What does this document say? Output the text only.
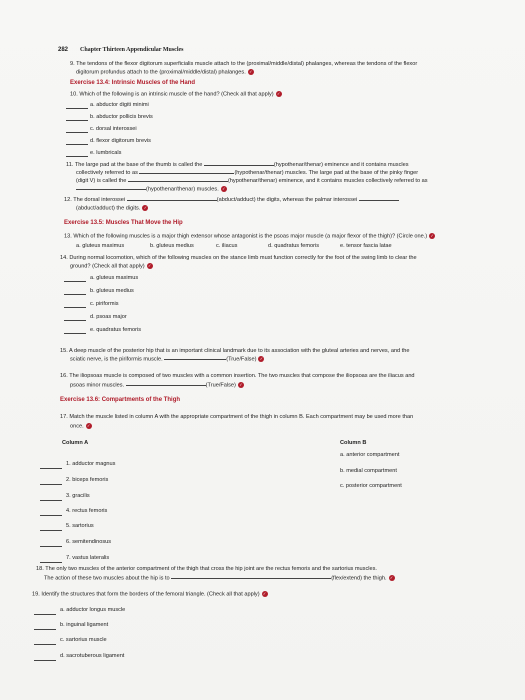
282 Chapter Thirteen Appendicular Muscles
9. The tendons of the flexor digitorum superficialis muscle attach to the (proximal/middle/distal) phalanges, whereas the tendons of the flexor
digitorum profundus attach to the (proximal/middle/distal) phalanges. ✓
Exercise 13.4: Intrinsic Muscles of the Hand
10. Which of the following is an intrinsic muscle of the hand? (Check all that apply) ✓
a. abductor digiti minimi
b. abductor pollicis brevis
c. dorsal interossei
d. flexor digitorum brevis
e. lumbricals
11. The large pad at the base of the thumb is called the	(hypothenar/thenar) eminence and it contains muscles
collectively referred to as	(hypothenar/thenar) muscles. The large pad at the base of the pinky finger
(digit V) is called the	(hypothenar/thenar) eminence, and it contains muscles collectively referred to as
(hypothenar/thenar) muscles. ✓
12. The dorsal interossei	(abduct/adduct) the digits, whereas the palmar interossei
(abduct/adduct) the digits. ✓
Exercise 13.5: Muscles That Move the Hip
13. Which of the following muscles is a major thigh extensor whose antagonist is the psoas major muscle (a major flexor of the thigh)? (Circle one.) ✓
a. gluteus maximus	b. gluteus medius	c. iliacus	d. quadratus femoris	e. tensor fascia latae
14. During normal locomotion, which of the following muscles on the stance limb must function correctly for the foot of the swing limb to clear the
ground? (Check all that apply) ✓
a. gluteus maximus
b. gluteus medius
c. piriformis
d. psoas major
e. quadratus femoris
15. A deep muscle of the posterior hip that is an important clinical landmark due to its association with the gluteal arteries and nerves, and the
sciatic nerve, is the piriformis muscle.	(True/False) ✓
16. The iliopsoas muscle is composed of two muscles with a common insertion. The two muscles that compose the iliopsoas are the iliacus and
psoas minor muscles.	(True/False) ✓
Exercise 13.6: Compartments of the Thigh
17. Match the muscle listed in column A with the appropriate compartment of the thigh in column B. Each compartment may be used more than
once. ✓
Column A	Column B
1. adductor magnus
2. biceps femoris
3. gracilis
4. rectus femoris
5. sartorius
6. semitendinosus
7. vastus lateralis
a. anterior compartment
b. medial compartment
c. posterior compartment
18. The only two muscles of the anterior compartment of the thigh that cross the hip joint are the rectus femoris and the sartorius muscles.
The action of these two muscles about the hip is to	(flex/extend) the thigh. ✓
19. Identify the structures that form the borders of the femoral triangle. (Check all that apply) ✓
a. adductor longus muscle
b. inguinal ligament
c. sartorius muscle
d. sacrotuberous ligament
